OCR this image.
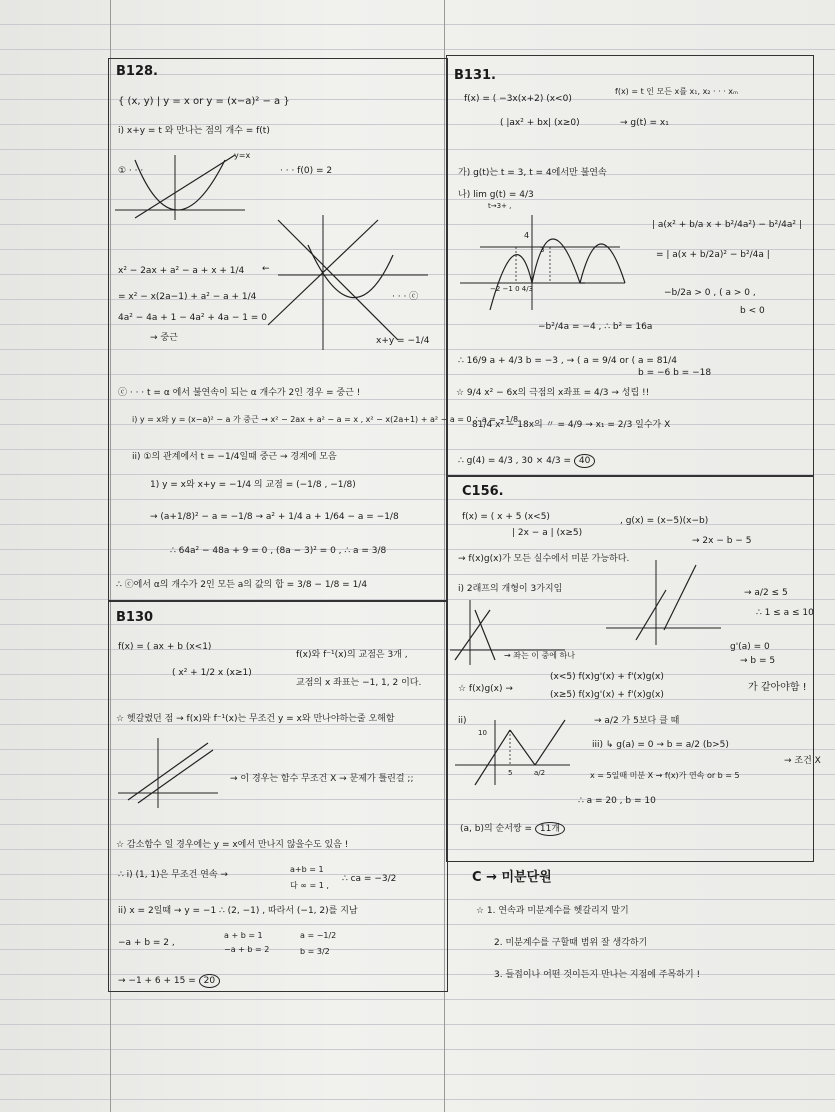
B128.
{ (x, y) | y = x or y = (x−a)² − a }
i) x+y = t 와 만나는 점의 개수 = f(t)
① · · ·
y=x
· · · f(0) = 2
x² − 2ax + a² − a + x + 1/4 ←
= x² − x(2a−1) + a² − a + 1/4
4a² − 4a + 1 − 4a² + 4a − 1 = 0
→ 중근
· · · ⓒ
x+y = −1/4
ⓒ · · · t = α 에서 불연속이 되는 α 개수가 2인 경우 = 중근 !
i) y = x와 y = (x−a)² − a 가 중근 → x² − 2ax + a² − a = x , x² − x(2a+1) + a² − a = 0 ∴ a = −1/8
ii) ①의 관계에서 t = −1/4일때 중근 → 경계에 모음
1) y = x와 x+y = −1/4 의 교점 = (−1/8 , −1/8)
→ (a+1/8)² − a = −1/8 → a² + 1/4 a + 1/64 − a = −1/8
∴ 64a² − 48a + 9 = 0 , (8a − 3)² = 0 , ∴ a = 3/8
∴ ⓒ에서 α의 개수가 2인 모든 a의 값의 합 = 3/8 − 1/8 = 1/4
B130
f(x) = ( ax + b (x<1)
( x² + 1/2 x (x≥1)
f(x)와 f⁻¹(x)의 교점은 3개 ,
교점의 x 좌표는 −1, 1, 2 이다.
☆ 헷갈렸던 점 → f(x)와 f⁻¹(x)는 무조건 y = x와 만나야하는줄 오해함
→ 이 경우는 함수 무조건 X → 문제가 틀린걸 ;;
☆ 감소함수 일 경우에는 y = x에서 만나지 않을수도 있음 !
∴ i) (1, 1)은 무조건 연속 →
a+b = 1
다 ∞ = 1 ,
∴ ca = −3/2
ii) x = 2일때 → y = −1 ∴ (2, −1) , 따라서 (−1, 2)를 지남
−a + b = 2 ,
a + b = 1
−a + b = 2
a = −1/2
b = 3/2
→ −1 + 6 + 15 = 20
B131.
f(x) = ( −3x(x+2) (x<0)
( |ax² + bx| (x≥0)
f(x) = t 인 모든 x를 x₁, x₂ · · · xₘ
→ g(t) = x₁
가) g(t)는 t = 3, t = 4에서만 불연속
나) lim g(t) = 4/3
t→3+ ,
4
3
−2 −1 0 4/3
| a(x² + b/a x + b²/4a²) − b²/4a² |
= | a(x + b/2a)² − b²/4a |
−b/2a > 0 , ( a > 0 ,
b < 0
−b²/4a = −4 , ∴ b² = 16a
∴ 16/9 a + 4/3 b = −3 , → ( a = 9/4 or ( a = 81/4
b = −6 b = −18
☆ 9/4 x² − 6x의 극점의 x좌표 = 4/3 → 성립 !!
81/4 x² − 18x의 〃 = 4/9 → x₁ = 2/3 일수가 X
∴ g(4) = 4/3 , 30 × 4/3 = 40
C156.
f(x) = ( x + 5 (x<5)
| 2x − a | (x≥5)
, g(x) = (x−5)(x−b)
→ 2x − b − 5
→ f(x)g(x)가 모든 실수에서 미분 가능하다.
i) 2래프의 개형이 3가지임
→ 좌는 이 중에 하나
→ a/2 ≤ 5
∴ 1 ≤ a ≤ 10
g'(a) = 0
→ b = 5
☆ f(x)g(x) →
(x<5) f(x)g'(x) + f'(x)g(x)
(x≥5) f(x)g'(x) + f'(x)g(x)
가 같아야함 !
ii)
10
5	a/2
→ a/2 가 5보다 클 때
iii) ↳ g(a) = 0 → b = a/2 (b>5)
x = 5일때 미분 X → f(x)가 연속 or b = 5
→ 조건 X
∴ a = 20 , b = 10
(a, b)의 순서쌍 = 11개
C → 미분단원
☆ 1. 연속과 미분계수를 헷갈리지 말기
2. 미분계수를 구할때 범위 잘 생각하기
3. 들접이나 어떤 것이든지 만나는 지점에 주목하기 !
